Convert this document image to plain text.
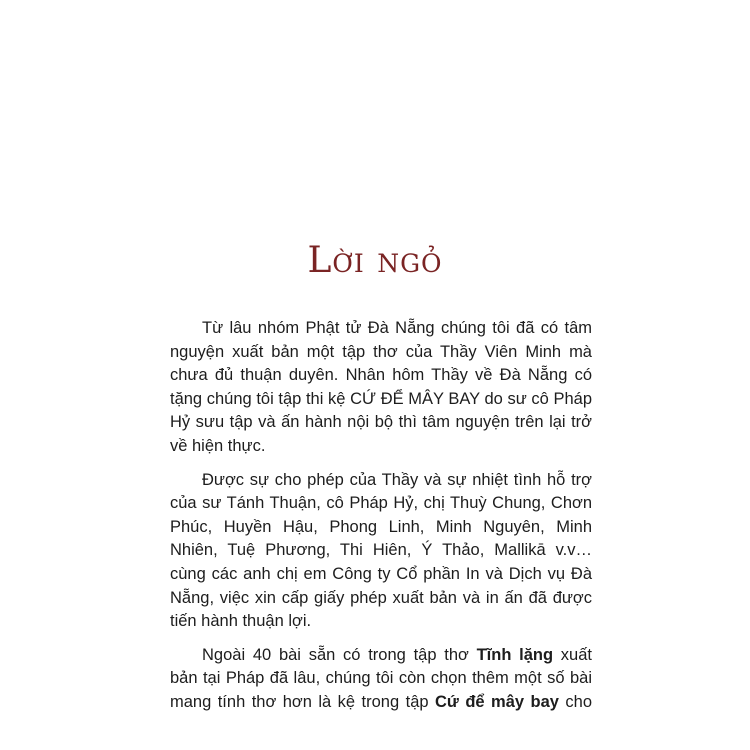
Lời ngỏ
Từ lâu nhóm Phật tử Đà Nẵng chúng tôi đã có tâm
nguyện xuất bản một tập thơ của Thầy Viên Minh mà
chưa đủ thuận duyên. Nhân hôm Thầy về Đà Nẵng có
tặng chúng tôi tập thi kệ CỨ ĐỂ MÂY BAY do sư cô Pháp
Hỷ sưu tập và ấn hành nội bộ thì tâm nguyện trên lại trở
về hiện thực.
Được sự cho phép của Thầy và sự nhiệt tình hỗ trợ
của sư Tánh Thuận, cô Pháp Hỷ, chị Thuỳ Chung, Chơn
Phúc, Huyền Hậu, Phong Linh, Minh Nguyên, Minh
Nhiên, Tuệ Phương, Thi Hiên, Ý Thảo, Mallikā v.v…
cùng các anh chị em Công ty Cổ phần In và Dịch vụ Đà
Nẵng, việc xin cấp giấy phép xuất bản và in ấn đã được
tiến hành thuận lợi.
Ngoài 40 bài sẵn có trong tập thơ Tĩnh lặng xuất
bản tại Pháp đã lâu, chúng tôi còn chọn thêm một số bài
mang tính thơ hơn là kệ trong tập Cứ để mây bay cho
